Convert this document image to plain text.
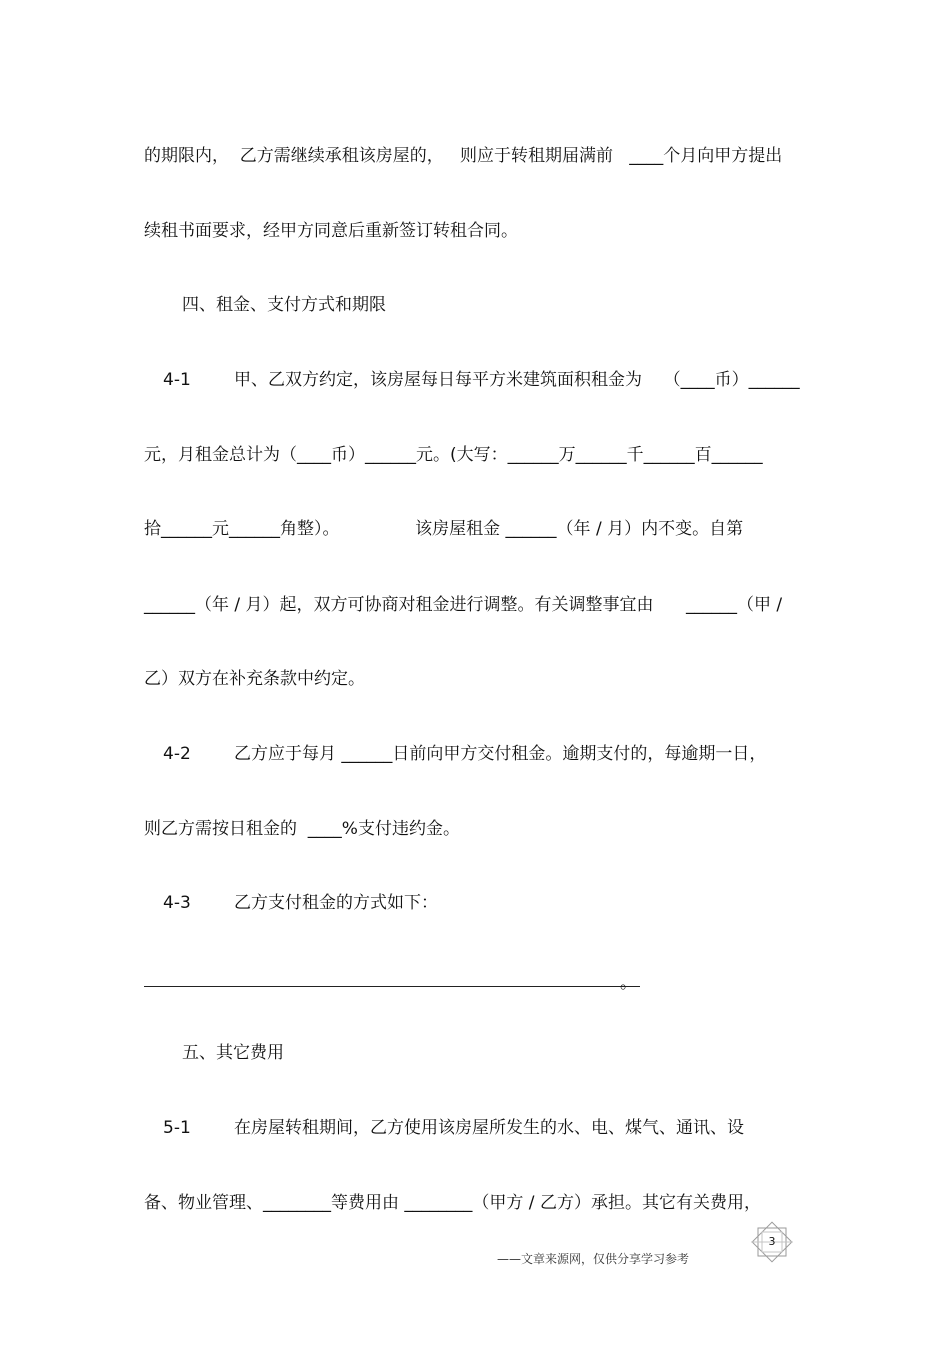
的期限内，  乙方需继续承租该房屋的，   则应于转租期届满前   ____个月向甲方提出
续租书面要求，经甲方同意后重新签订转租合同。
四、租金、支付方式和期限
4-1        甲、乙双方约定，该房屋每日每平方米建筑面积租金为    （____币）______
元，月租金总计为（____币）______元。(大写：______万______千______百______
拾______元______角整）。              该房屋租金 ______（年 / 月）内不变。自第
______（年 / 月）起，双方可协商对租金进行调整。有关调整事宜由      ______（甲 /
乙）双方在补充条款中约定。
4-2        乙方应于每月 ______日前向甲方交付租金。逾期支付的，每逾期一日，
则乙方需按日租金的  ____%支付违约金。
4-3        乙方支付租金的方式如下：
。
五、其它费用
5-1        在房屋转租期间，乙方使用该房屋所发生的水、电、煤气、通讯、设
备、物业管理、________等费用由 ________（甲方 / 乙方）承担。其它有关费用，
3
——文章来源网，仅供分享学习参考
